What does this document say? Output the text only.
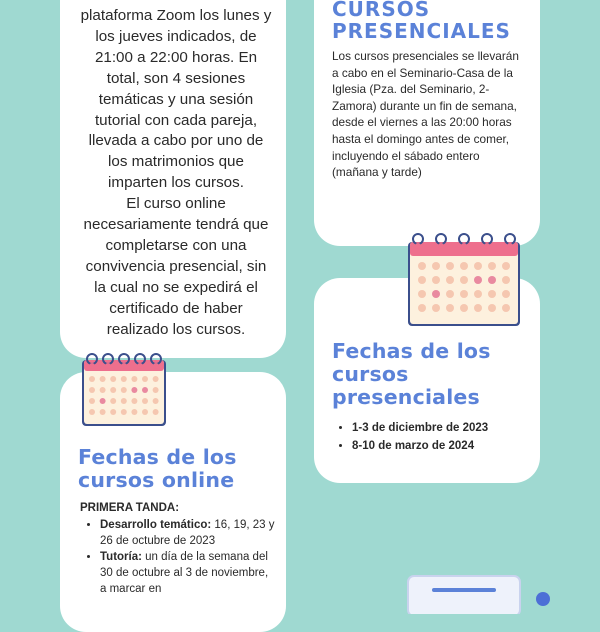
plataforma Zoom los lunes y los jueves indicados, de 21:00 a 22:00 horas. En total, son 4 sesiones temáticas y una sesión tutorial con cada pareja, llevada a cabo por uno de los matrimonios que imparten los cursos.

El curso online necesariamente tendrá que completarse con una convivencia presencial, sin la cual no se expedirá el certificado de haber realizado los cursos.

CURSOS

PRESENCIALES

Los cursos presenciales se llevarán a cabo en el Seminario-Casa de la Iglesia (Pza. del Seminario, 2- Zamora) durante un fin de semana, desde el viernes a las 20:00 horas hasta el domingo antes de comer, incluyendo el sábado entero (mañana y tarde)

Fechas de los

cursos

presenciales

• 1-3 de diciembre de 2023
• 8-10 de marzo de 2024

Fechas de los

cursos online

PRIMERA TANDA:

• Desarrollo temático: 16, 19, 23 y 26 de octubre de 2023
• Tutoría: un día de la semana del 30 de octubre al 3 de noviembre, a marcar en
